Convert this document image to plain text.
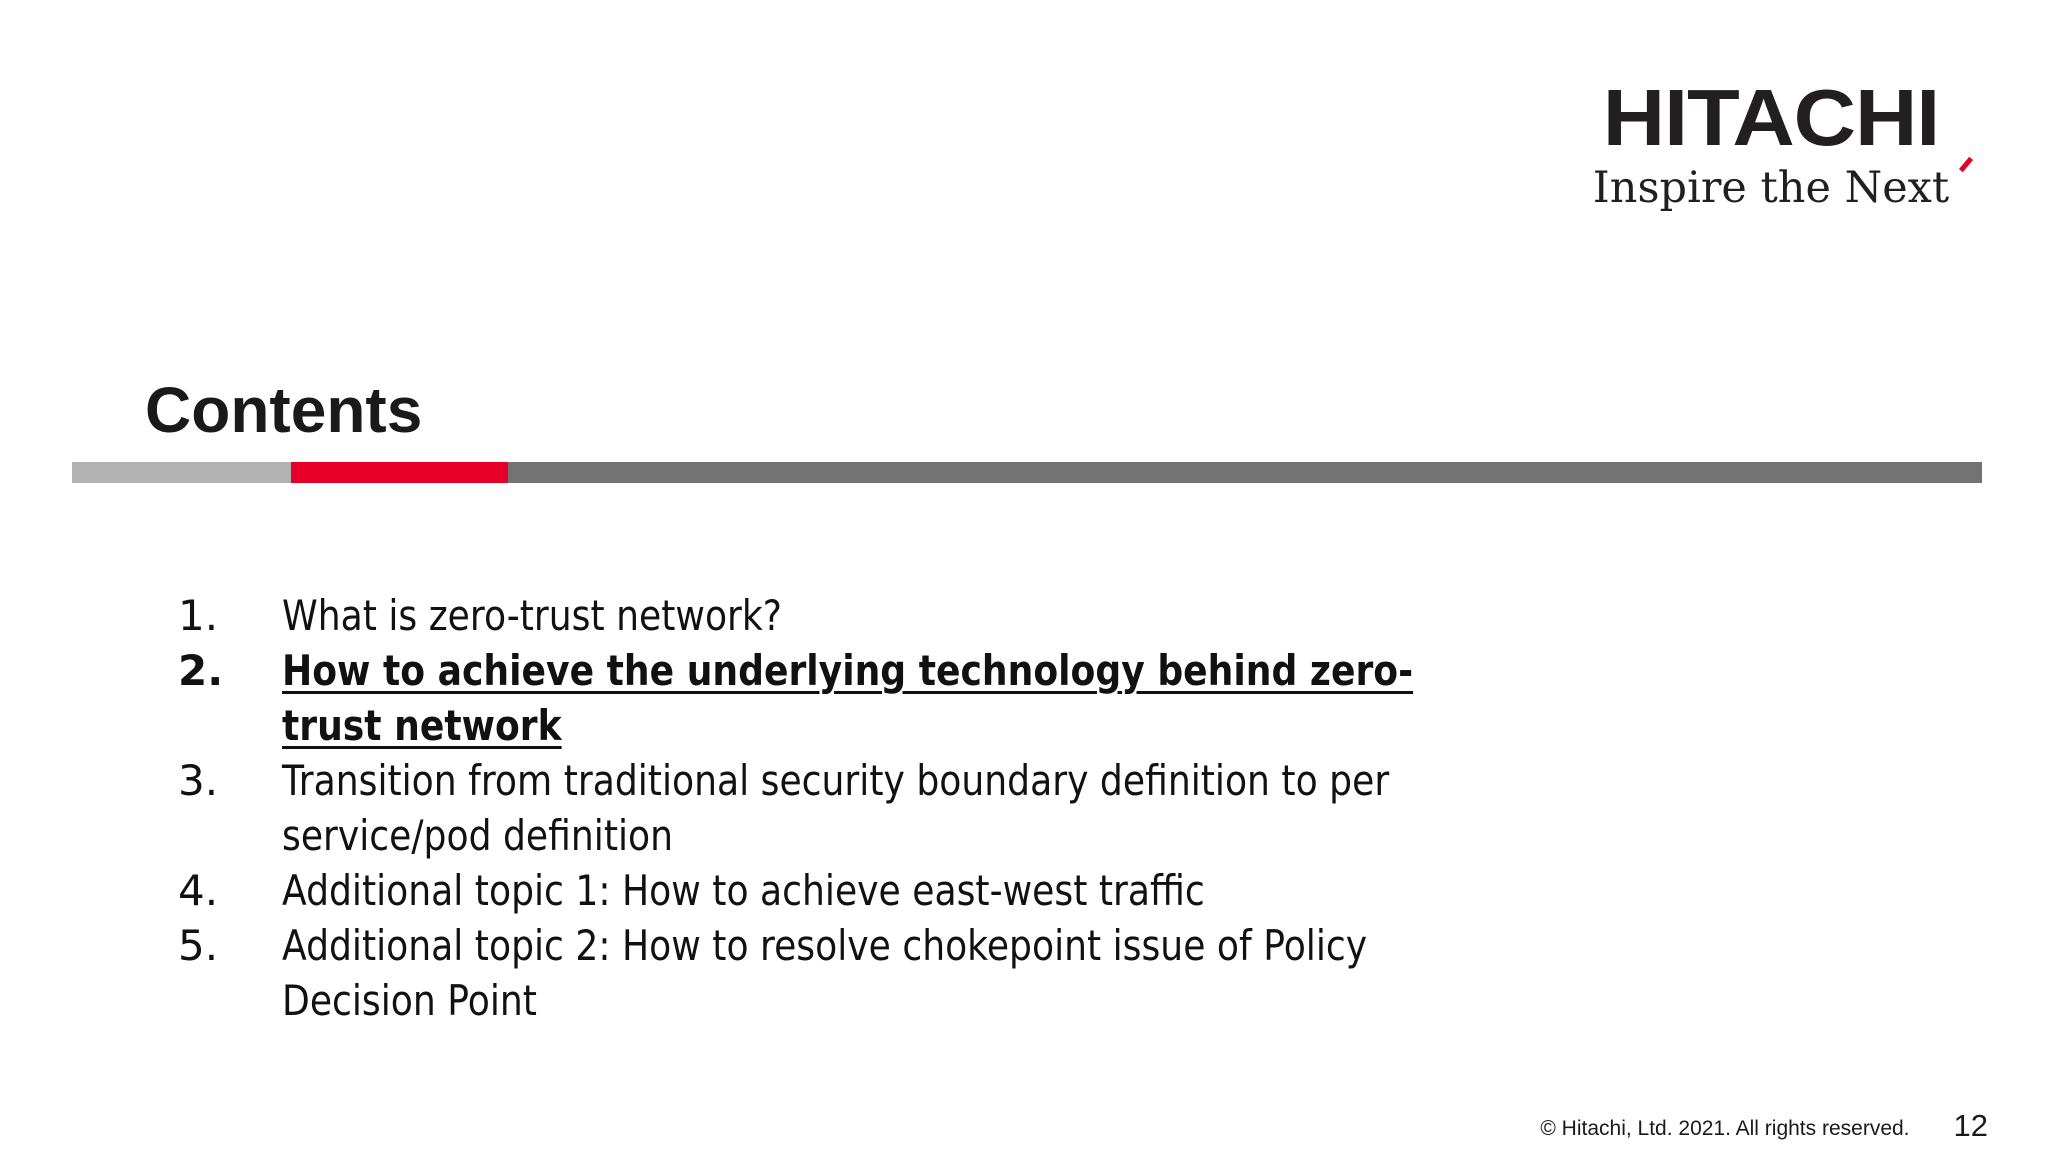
HITACHI
Inspire the Next
Contents
1.	What is zero-trust network?
2.	How to achieve the underlying technology behind zero-trust network
3.	Transition from traditional security boundary definition to per service/pod definition
4.	Additional topic 1: How to achieve east-west traffic
5.	Additional topic 2: How to resolve chokepoint issue of Policy Decision Point
© Hitachi, Ltd. 2021. All rights reserved. 12
